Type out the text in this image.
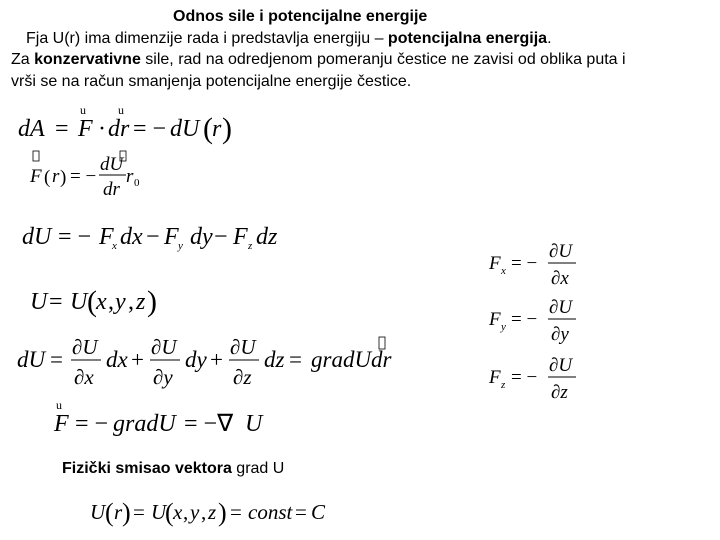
Odnos sile i potencijalne energije
Fja U(r) ima dimenzije rada i predstavlja energiju – potencijalna energija.
Za konzervativne sile, rad na odredjenom pomeranju čestice ne zavisi od oblika puta i
vrši se na račun smanjenja potencijalne energije čestice.
Fizički smisao vektora grad U
dA = F
u
· dr
u
= − dU ( r )
F ( r ) = −
dU
dr
r 0
dU = − F
x dx − F y dy − F z dz
U = U ( x , y , z )
dU = ∂U
∂x
dx + ∂U
∂y
dy + ∂U
∂z
dz = gradUdr
F
u
= − gradU = −∇ U
U ( r ) = U
( x , y , z ) = const = C
F x = −
∂U
∂x
F y = −
∂U
∂y
F z = −
∂U
∂z
